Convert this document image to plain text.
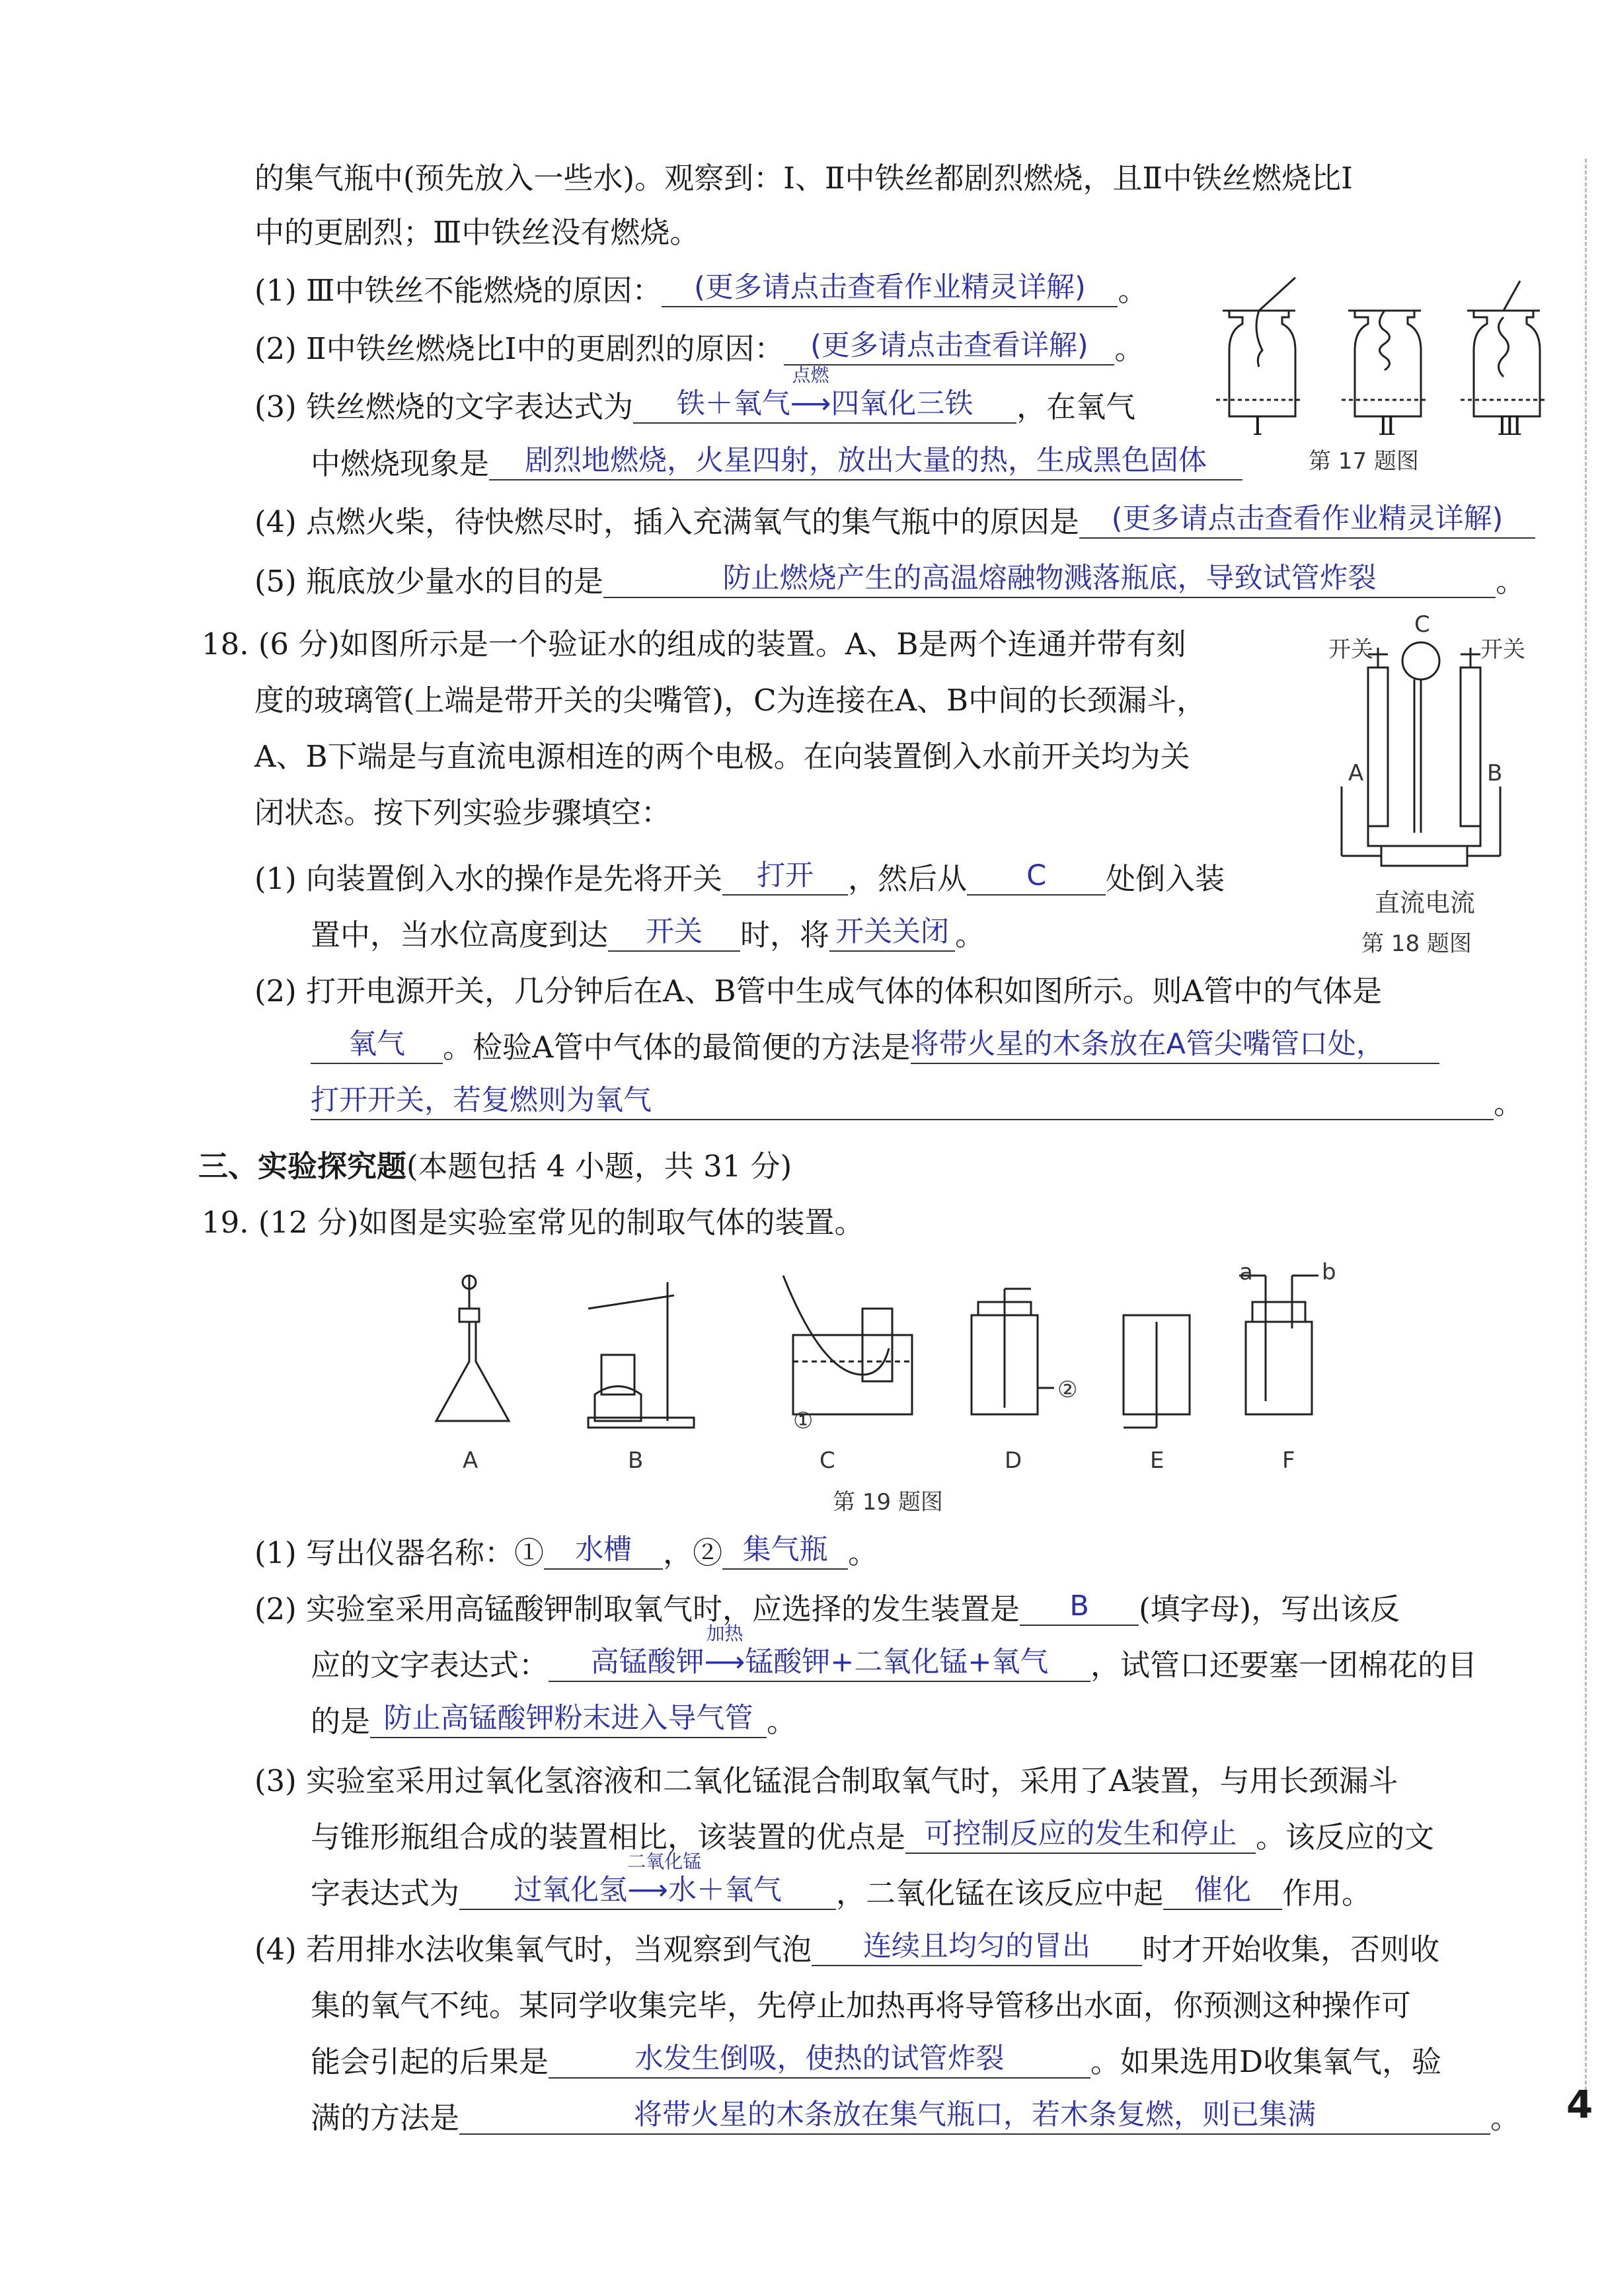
的集气瓶中(预先放入一些水)。观察到：Ⅰ、Ⅱ中铁丝都剧烈燃烧，且Ⅱ中铁丝燃烧比Ⅰ
中的更剧烈；Ⅲ中铁丝没有燃烧。
(1) Ⅲ中铁丝不能燃烧的原因： (更多请点击查看作业精灵详解) 。
(2) Ⅱ中铁丝燃烧比Ⅰ中的更剧烈的原因： (更多请点击查看详解) 。
(3) 铁丝燃烧的文字表达式为 铁＋氧气
点燃
⟶四氧化三铁 ，在氧气
中燃烧现象是 剧烈地燃烧，火星四射，放出大量的热，生成黑色固体
(4) 点燃火柴，待快燃尽时，插入充满氧气的集气瓶中的原因是 (更多请点击查看作业精灵详解)
(5) 瓶底放少量水的目的是	防止燃烧产生的高温熔融物溅落瓶底，导致试管炸裂	。
Ⅰ	Ⅱ	Ⅲ
第 17 题图
18. (6 分)如图所示是一个验证水的组成的装置。A、B是两个连通并带有刻
度的玻璃管(上端是带开关的尖嘴管)，C为连接在A、B中间的长颈漏斗，
A、B下端是与直流电源相连的两个电极。在向装置倒入水前开关均为关
闭状态。按下列实验步骤填空：
(1) 向装置倒入水的操作是先将开关 打开 ，然后从 C 处倒入装
置中，当水位高度到达 开关 时，将 开关关闭 。
(2) 打开电源开关，几分钟后在A、B管中生成气体的体积如图所示。则A管中的气体是
氧气 。检验A管中气体的最简便的方法是将带火星的木条放在A管尖嘴管口处，
打开开关，若复燃则为氧气	。
开关	开关
C
A	B
直流电流
第 18 题图
三、实验探究题(本题包括 4 小题，共 31 分)
19. (12 分)如图是实验室常见的制取气体的装置。
①
②
a	b
A	B	C	D	E	F
第 19 题图
(1) 写出仪器名称：① 水槽 ，② 集气瓶 。
(2) 实验室采用高锰酸钾制取氧气时，应选择的发生装置是 B (填字母)，写出该反
应的文字表达式： 高锰酸钾
加热
⟶锰酸钾+二氧化锰+氧气 ，试管口还要塞一团棉花的目
的是 防止高锰酸钾粉末进入导气管 。
(3) 实验室采用过氧化氢溶液和二氧化锰混合制取氧气时，采用了A装置，与用长颈漏斗
与锥形瓶组合成的装置相比，该装置的优点是 可控制反应的发生和停止 。该反应的文
字表达式为 过氧化氢
二氧化锰
⟶水＋氧气 ，二氧化锰在该反应中起 催化 作用。
(4) 若用排水法收集氧气时，当观察到气泡 连续且均匀的冒出 时才开始收集，否则收
集的氧气不纯。某同学收集完毕，先停止加热再将导管移出水面，你预测这种操作可
能会引起的后果是	水发生倒吸，使热的试管炸裂	。如果选用D收集氧气，验
满的方法是	将带火星的木条放在集气瓶口，若木条复燃，则已集满	。 4
